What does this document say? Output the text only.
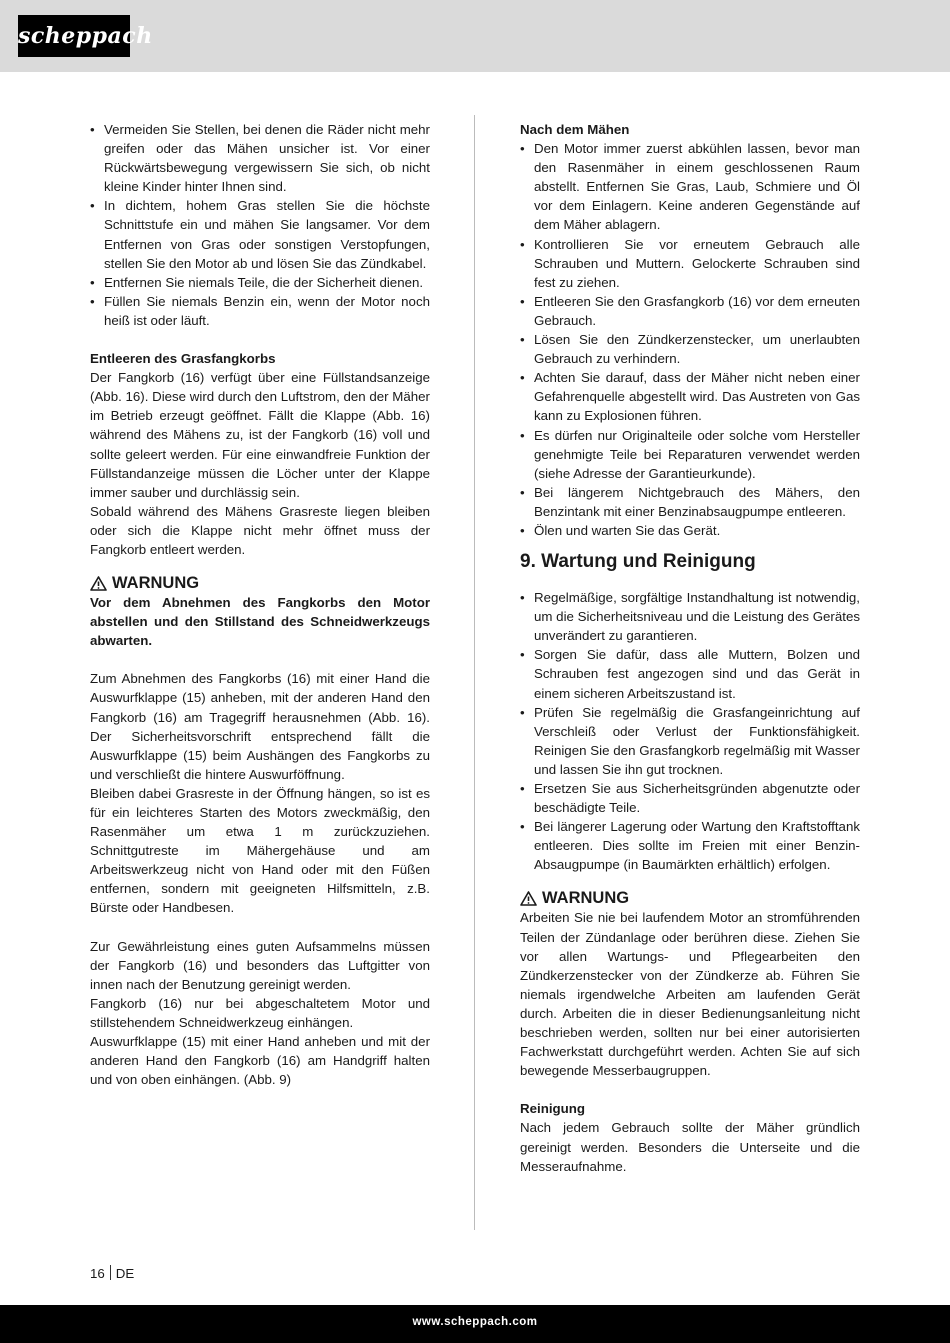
scheppach
• Vermeiden Sie Stellen, bei denen die Räder nicht mehr greifen oder das Mähen unsicher ist. Vor einer Rückwärtsbewegung vergewissern Sie sich, ob nicht kleine Kinder hinter Ihnen sind.
• In dichtem, hohem Gras stellen Sie die höchste Schnittstufe ein und mähen Sie langsamer. Vor dem Entfernen von Gras oder sonstigen Verstopfungen, stellen Sie den Motor ab und lösen Sie das Zündkabel.
• Entfernen Sie niemals Teile, die der Sicherheit dienen.
• Füllen Sie niemals Benzin ein, wenn der Motor noch heiß ist oder läuft.

Entleeren des Grasfangkorbs

Der Fangkorb (16) verfügt über eine Füllstandsanzeige (Abb. 16). Diese wird durch den Luftstrom, den der Mäher im Betrieb erzeugt geöffnet. Fällt die Klappe (Abb. 16) während des Mähens zu, ist der Fangkorb (16) voll und sollte geleert werden. Für eine einwandfreie Funktion der Füllstandanzeige müssen die Löcher unter der Klappe immer sauber und durchlässig sein.

Sobald während des Mähens Grasreste liegen bleiben oder sich die Klappe nicht mehr öffnet muss der Fangkorb entleert werden.

WARNUNG

Vor dem Abnehmen des Fangkorbs den Motor abstellen und den Stillstand des Schneidwerkzeugs abwarten.

Zum Abnehmen des Fangkorbs (16) mit einer Hand die Auswurfklappe (15) anheben, mit der anderen Hand den Fangkorb (16) am Tragegriff herausnehmen (Abb. 16). Der Sicherheitsvorschrift entsprechend fällt die Auswurfklappe (15) beim Aushängen des Fangkorbs zu und verschließt die hintere Auswurföffnung.

Bleiben dabei Grasreste in der Öffnung hängen, so ist es für ein leichteres Starten des Motors zweckmäßig, den Rasenmäher um etwa 1 m zurückzuziehen. Schnittgutreste im Mähergehäuse und am Arbeitswerkzeug nicht von Hand oder mit den Füßen entfernen, sondern mit geeigneten Hilfsmitteln, z.B. Bürste oder Handbesen.

Zur Gewährleistung eines guten Aufsammelns müssen der Fangkorb (16) und besonders das Luftgitter von innen nach der Benutzung gereinigt werden.

Fangkorb (16) nur bei abgeschaltetem Motor und stillstehendem Schneidwerkzeug einhängen.

Auswurfklappe (15) mit einer Hand anheben und mit der anderen Hand den Fangkorb (16) am Handgriff halten und von oben einhängen. (Abb. 9)

Nach dem Mähen

• Den Motor immer zuerst abkühlen lassen, bevor man den Rasenmäher in einem geschlossenen Raum abstellt. Entfernen Sie Gras, Laub, Schmiere und Öl vor dem Einlagern. Keine anderen Gegenstände auf dem Mäher ablagern.
• Kontrollieren Sie vor erneutem Gebrauch alle Schrauben und Muttern. Gelockerte Schrauben sind fest zu ziehen.
• Entleeren Sie den Grasfangkorb (16) vor dem erneuten Gebrauch.
• Lösen Sie den Zündkerzenstecker, um unerlaubten Gebrauch zu verhindern.
• Achten Sie darauf, dass der Mäher nicht neben einer Gefahrenquelle abgestellt wird. Das Austreten von Gas kann zu Explosionen führen.
• Es dürfen nur Originalteile oder solche vom Hersteller genehmigte Teile bei Reparaturen verwendet werden (siehe Adresse der Garantieurkunde).
• Bei längerem Nichtgebrauch des Mähers, den Benzintank mit einer Benzinabsaugpumpe entleeren.
• Ölen und warten Sie das Gerät.

9. Wartung und Reinigung

• Regelmäßige, sorgfältige Instandhaltung ist notwendig, um die Sicherheitsniveau und die Leistung des Gerätes unverändert zu garantieren.
• Sorgen Sie dafür, dass alle Muttern, Bolzen und Schrauben fest angezogen sind und das Gerät in einem sicheren Arbeitszustand ist.
• Prüfen Sie regelmäßig die Grasfangeinrichtung auf Verschleiß oder Verlust der Funktionsfähigkeit. Reinigen Sie den Grasfangkorb regelmäßig mit Wasser und lassen Sie ihn gut trocknen.
• Ersetzen Sie aus Sicherheitsgründen abgenutzte oder beschädigte Teile.
• Bei längerer Lagerung oder Wartung den Kraftstofftank entleeren. Dies sollte im Freien mit einer Benzin-Absaugpumpe (in Baumärkten erhältlich) erfolgen.

WARNUNG

Arbeiten Sie nie bei laufendem Motor an stromführenden Teilen der Zündanlage oder berühren diese. Ziehen Sie vor allen Wartungs- und Pflegearbeiten den Zündkerzenstecker von der Zündkerze ab. Führen Sie niemals irgendwelche Arbeiten am laufenden Gerät durch. Arbeiten die in dieser Bedienungsanleitung nicht beschrieben werden, sollten nur bei einer autorisierten Fachwerkstatt durchgeführt werden. Achten Sie auf sich bewegende Messerbaugruppen.

Reinigung

Nach jedem Gebrauch sollte der Mäher gründlich gereinigt werden. Besonders die Unterseite und die Messeraufnahme.

16 DE
www.scheppach.com
